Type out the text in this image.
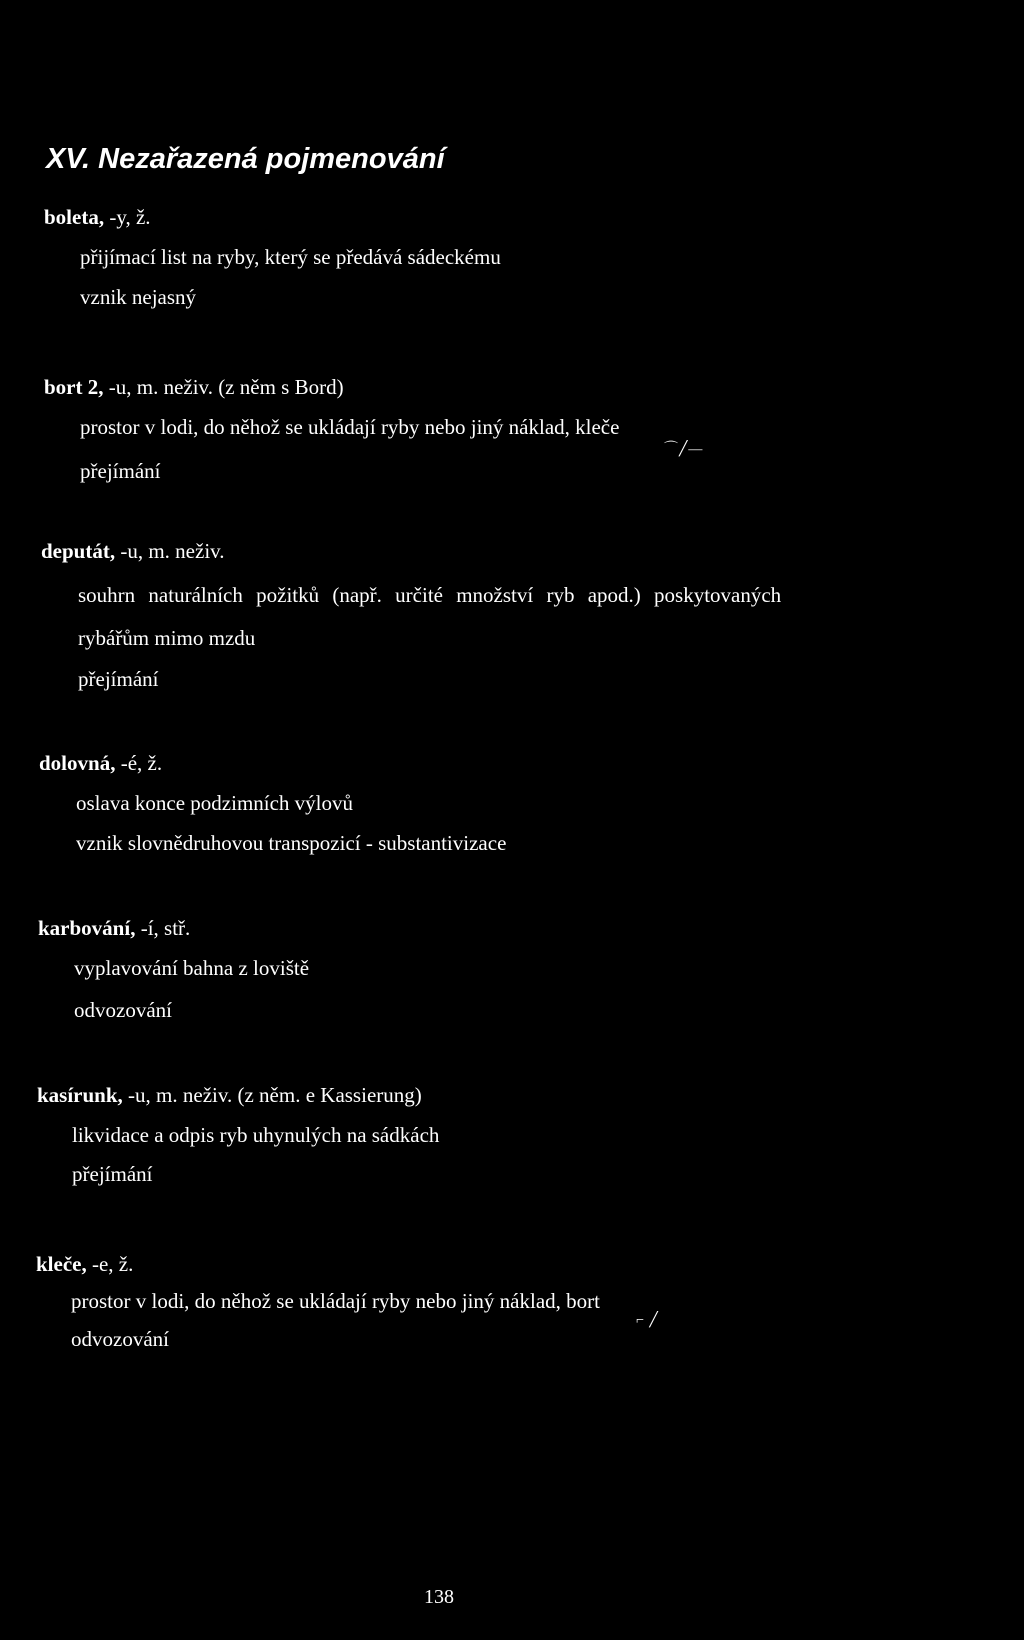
XV. Nezařazená pojmenování
boleta, -y, ž.
přijímací list na ryby, který se předává sádeckému
vznik nejasný
bort 2, -u, m. neživ. (z něm s Bord)
prostor v lodi, do něhož se ukládají ryby nebo jiný náklad, kleče
⌒╱—
přejímání
deputát, -u, m. neživ.
souhrn naturálních požitků (např. určité množství ryb apod.) poskytovaných
rybářům mimo mzdu
přejímání
dolovná, -é, ž.
oslava konce podzimních výlovů
vznik slovnědruhovou transpozicí - substantivizace
karbování, -í, stř.
vyplavování bahna z loviště
odvozování
kasírunk, -u, m. neživ. (z něm. e Kassierung)
likvidace a odpis ryb uhynulých na sádkách
přejímání
kleče, -e, ž.
prostor v lodi, do něhož se ukládají ryby nebo jiný náklad, bort
⌐ ╱
odvozování
138
